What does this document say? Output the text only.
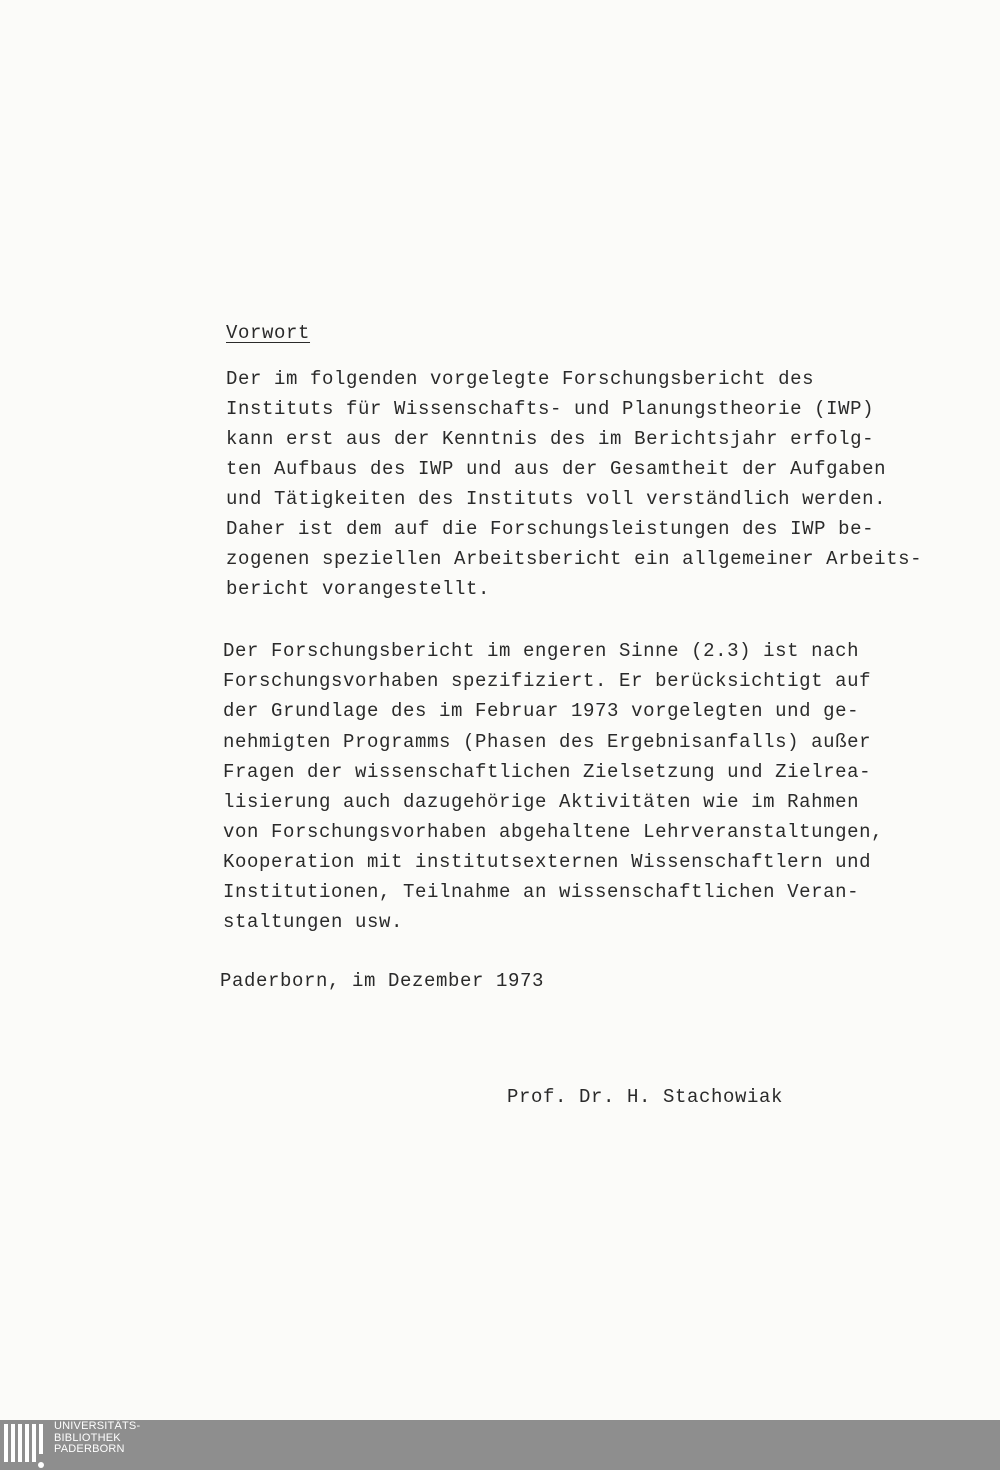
Vorwort
Der im folgenden vorgelegte Forschungsbericht des
Instituts für Wissenschafts- und Planungstheorie (IWP)
kann erst aus der Kenntnis des im Berichtsjahr erfolg-
ten Aufbaus des IWP und aus der Gesamtheit der Aufgaben
und Tätigkeiten des Instituts voll verständlich werden.
Daher ist dem auf die Forschungsleistungen des IWP be-
zogenen speziellen Arbeitsbericht ein allgemeiner Arbeits-
bericht vorangestellt.
Der Forschungsbericht im engeren Sinne (2.3) ist nach
Forschungsvorhaben spezifiziert. Er berücksichtigt auf
der Grundlage des im Februar 1973 vorgelegten und ge-
nehmigten Programms (Phasen des Ergebnisanfalls) außer
Fragen der wissenschaftlichen Zielsetzung und Zielrea-
lisierung auch dazugehörige Aktivitäten wie im Rahmen
von Forschungsvorhaben abgehaltene Lehrveranstaltungen,
Kooperation mit institutsexternen Wissenschaftlern und
Institutionen, Teilnahme an wissenschaftlichen Veran-
staltungen usw.
Paderborn, im Dezember 1973
Prof. Dr. H. Stachowiak
UNIVERSITÄTS-
BIBLIOTHEK
PADERBORN
